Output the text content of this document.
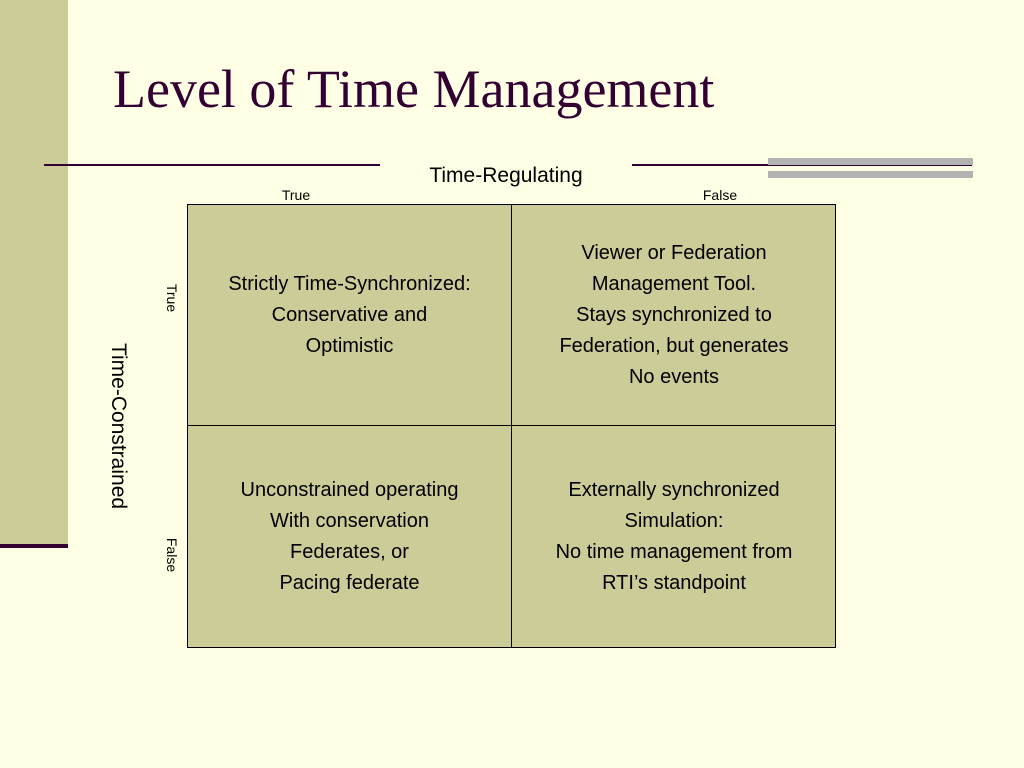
Level of Time Management
Time-Regulating
True	False
Time-Constrained
True
False
Strictly Time-Synchronized:
Conservative and
Optimistic
Viewer or Federation
Management Tool.
Stays synchronized to
Federation, but generates
No events
Unconstrained operating
With conservation
Federates, or
Pacing federate
Externally synchronized
Simulation:
No time management from
RTI’s standpoint
